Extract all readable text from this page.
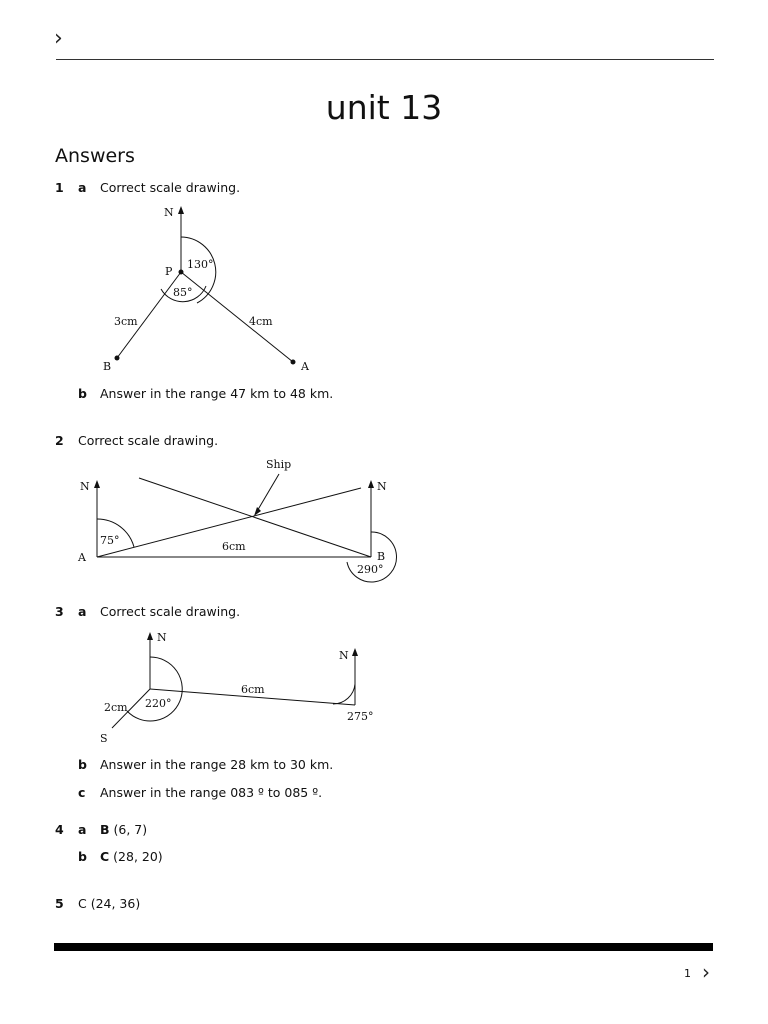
›
unit 13
Answers
1 a Correct scale drawing.
N
P
130°
85°
3cm	4cm
B	A
b Answer in the range 47 km to 48 km.
2 Correct scale drawing.
N	N
Ship
75°
A
6cm
B
290°
3 a Correct scale drawing.
N
N
6cm
2cm 220°
275°
S
b Answer in the range 28 km to 30 km.
c Answer in the range 083 º to 085 º.
4 a B (6, 7)
b C (28, 20)
5 C (24, 36)
1 ›
